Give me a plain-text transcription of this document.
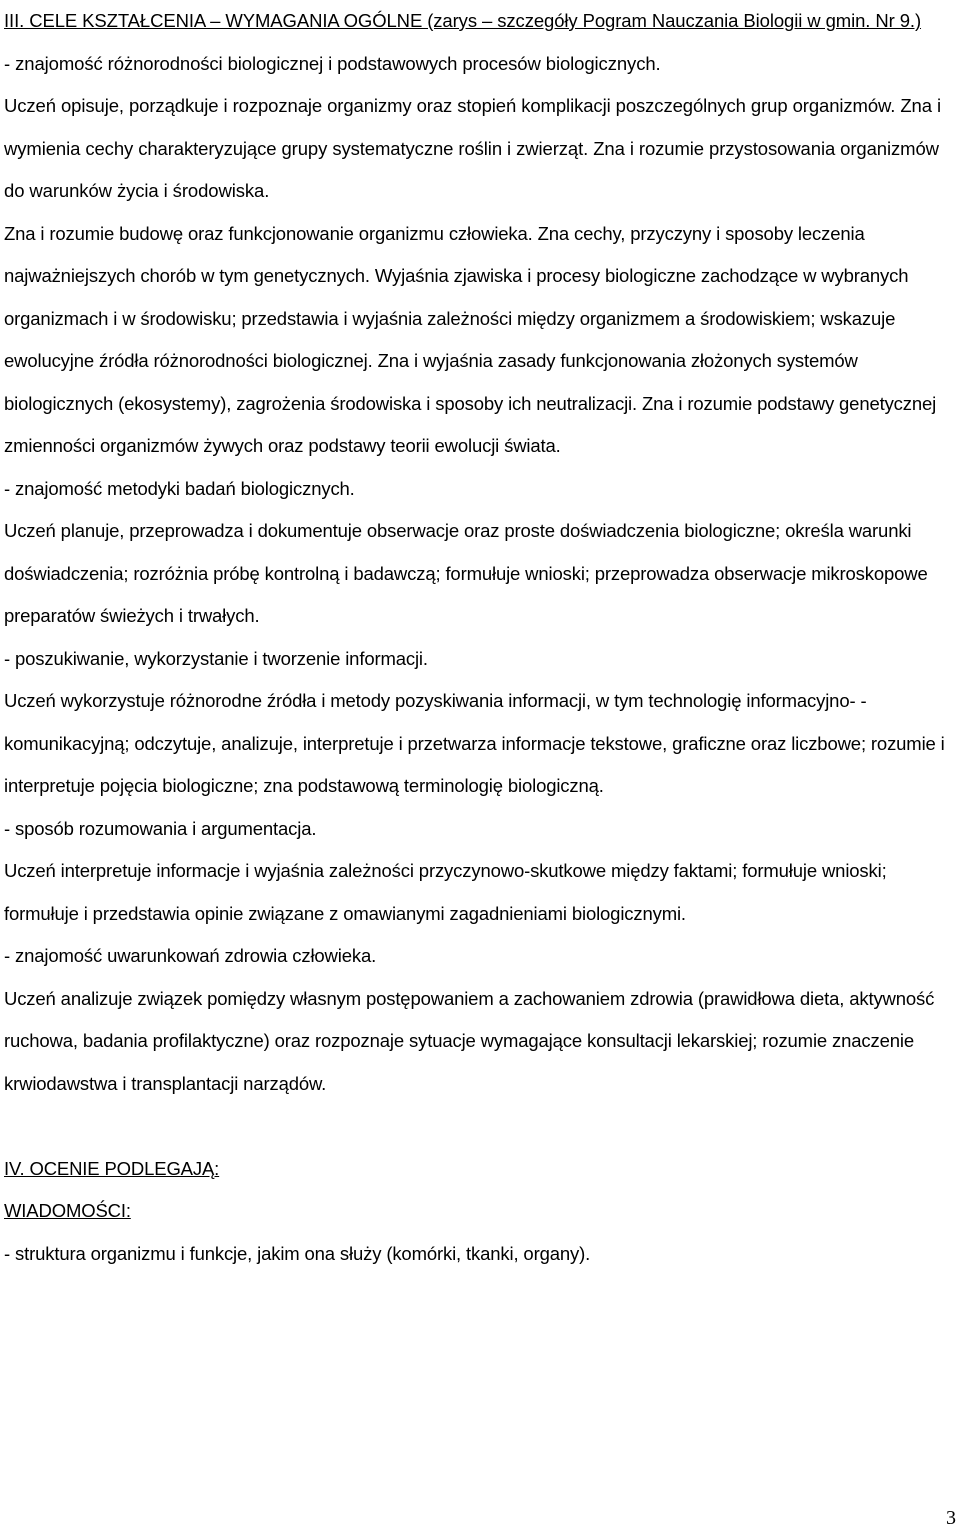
III. CELE KSZTAŁCENIA – WYMAGANIA OGÓLNE (zarys – szczegóły Pogram Nauczania Biologii w gmin. Nr 9.)

- znajomość różnorodności biologicznej i podstawowych procesów biologicznych.

Uczeń opisuje, porządkuje i rozpoznaje organizmy oraz stopień komplikacji poszczególnych grup organizmów. Zna i wymienia cechy charakteryzujące grupy systematyczne roślin i zwierząt. Zna i rozumie przystosowania organizmów do warunków życia i środowiska.

Zna i rozumie budowę oraz funkcjonowanie organizmu człowieka. Zna cechy, przyczyny i sposoby leczenia najważniejszych chorób w tym genetycznych. Wyjaśnia zjawiska i procesy biologiczne zachodzące w wybranych organizmach i w środowisku; przedstawia i wyjaśnia zależności między organizmem a środowiskiem; wskazuje ewolucyjne źródła różnorodności biologicznej. Zna i wyjaśnia zasady funkcjonowania złożonych systemów biologicznych (ekosystemy), zagrożenia środowiska i sposoby ich neutralizacji. Zna i rozumie podstawy genetycznej zmienności organizmów żywych oraz podstawy teorii ewolucji świata.

- znajomość metodyki badań biologicznych.

Uczeń planuje, przeprowadza i dokumentuje obserwacje oraz proste doświadczenia biologiczne; określa warunki doświadczenia; rozróżnia próbę kontrolną i badawczą; formułuje wnioski; przeprowadza obserwacje mikroskopowe preparatów świeżych i trwałych.

- poszukiwanie, wykorzystanie i tworzenie informacji.

Uczeń wykorzystuje różnorodne źródła i metody pozyskiwania informacji, w tym technologię informacyjno- -komunikacyjną; odczytuje, analizuje, interpretuje i przetwarza informacje tekstowe, graficzne oraz liczbowe; rozumie i interpretuje pojęcia biologiczne; zna podstawową terminologię biologiczną.

- sposób rozumowania i argumentacja.

Uczeń interpretuje informacje i wyjaśnia zależności przyczynowo-skutkowe między faktami; formułuje wnioski; formułuje i przedstawia opinie związane z omawianymi zagadnieniami biologicznymi.

- znajomość uwarunkowań zdrowia człowieka.

Uczeń analizuje związek pomiędzy własnym postępowaniem a zachowaniem zdrowia (prawidłowa dieta, aktywność ruchowa, badania profilaktyczne) oraz rozpoznaje sytuacje wymagające konsultacji lekarskiej; rozumie znaczenie krwiodawstwa i transplantacji narządów.

IV. OCENIE PODLEGAJĄ:

WIADOMOŚCI:

- struktura organizmu i funkcje, jakim ona służy (komórki, tkanki, organy).

3
